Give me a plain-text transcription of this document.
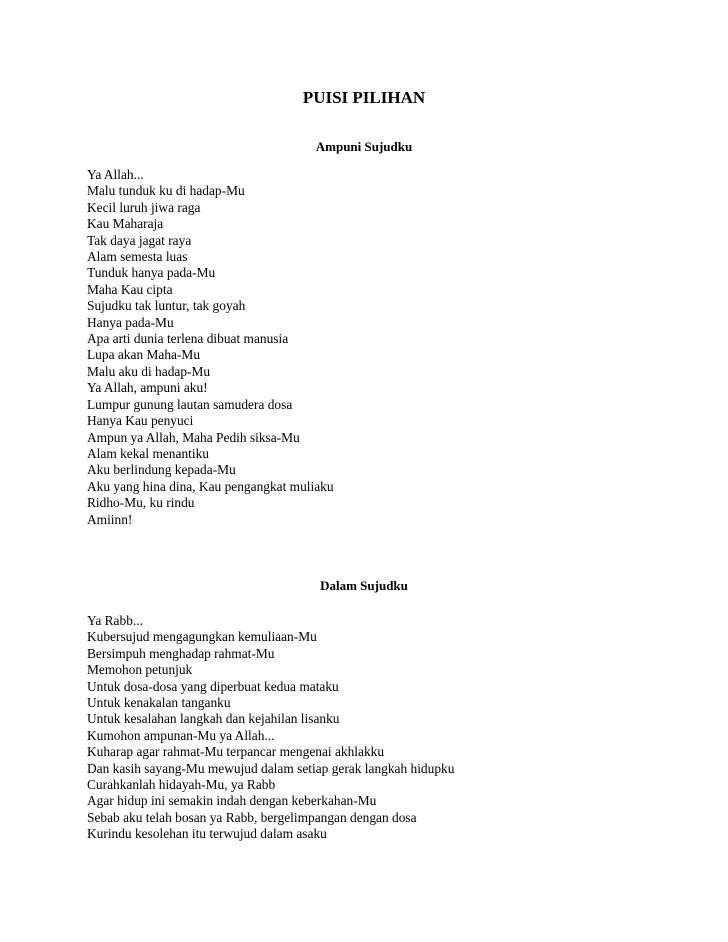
PUISI PILIHAN
Ampuni Sujudku
Ya Allah...
Malu tunduk ku di hadap-Mu
Kecil luruh jiwa raga
Kau Maharaja
Tak daya jagat raya
Alam semesta luas
Tunduk hanya pada-Mu
Maha Kau cipta
Sujudku tak luntur, tak goyah
Hanya pada-Mu
Apa arti dunia terlena dibuat manusia
Lupa akan Maha-Mu
Malu aku di hadap-Mu
Ya Allah, ampuni aku!
Lumpur gunung lautan samudera dosa
Hanya Kau penyuci
Ampun ya Allah, Maha Pedih siksa-Mu
Alam kekal menantiku
Aku berlindung kepada-Mu
Aku yang hina dina, Kau pengangkat muliaku
Ridho-Mu, ku rindu
Amiinn!
Dalam Sujudku
Ya Rabb...
Kubersujud mengagungkan kemuliaan-Mu
Bersimpuh menghadap rahmat-Mu
Memohon petunjuk
Untuk dosa-dosa yang diperbuat kedua mataku
Untuk kenakalan tanganku
Untuk kesalahan langkah dan kejahilan lisanku
Kumohon ampunan-Mu ya Allah...
Kuharap agar rahmat-Mu terpancar mengenai akhlakku
Dan kasih sayang-Mu mewujud dalam setiap gerak langkah hidupku
Curahkanlah hidayah-Mu, ya Rabb
Agar hidup ini semakin indah dengan keberkahan-Mu
Sebab aku telah bosan ya Rabb, bergelimpangan dengan dosa
Kurindu kesolehan itu terwujud dalam asaku
